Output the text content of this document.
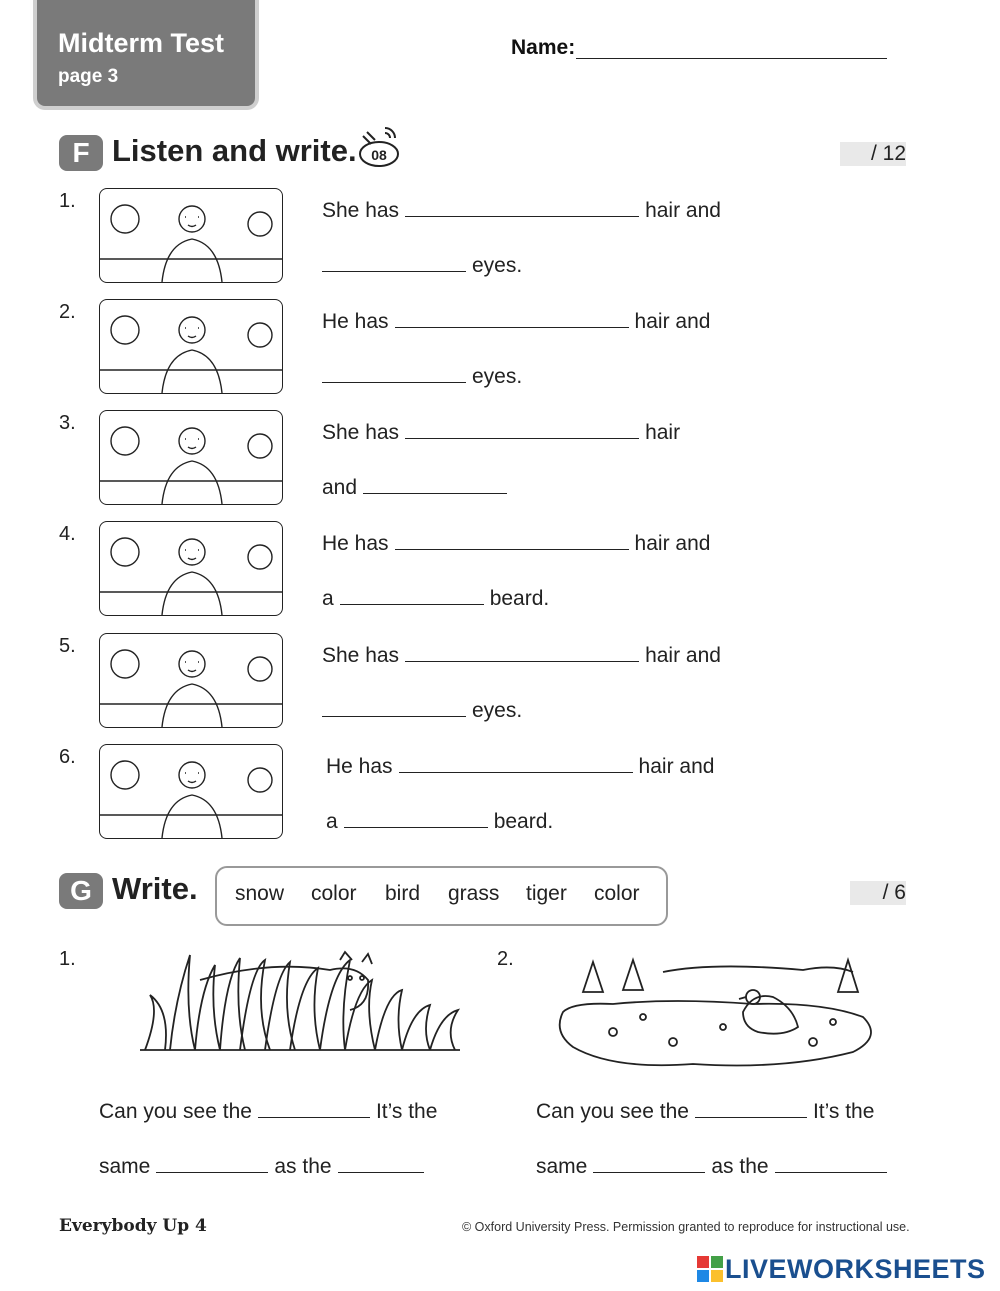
Midterm Test
page 3
Name:
F Listen and write. 08	/ 12
1.	She has	hair and
eyes.
2.	He has	hair and
eyes.
3.	She has	hair
and
4.	He has	hair and
a	beard.
5.	She has	hair and
eyes.
6.	He has	hair and
a	beard.
G Write. snow color bird grass tiger color	/ 6
1.
Can you see the	It’s the
same	as the
2.
Can you see the	It’s the
same	as the
Everybody Up 4	© Oxford University Press. Permission granted to reproduce for instructional use.
LIVEWORKSHEETS
